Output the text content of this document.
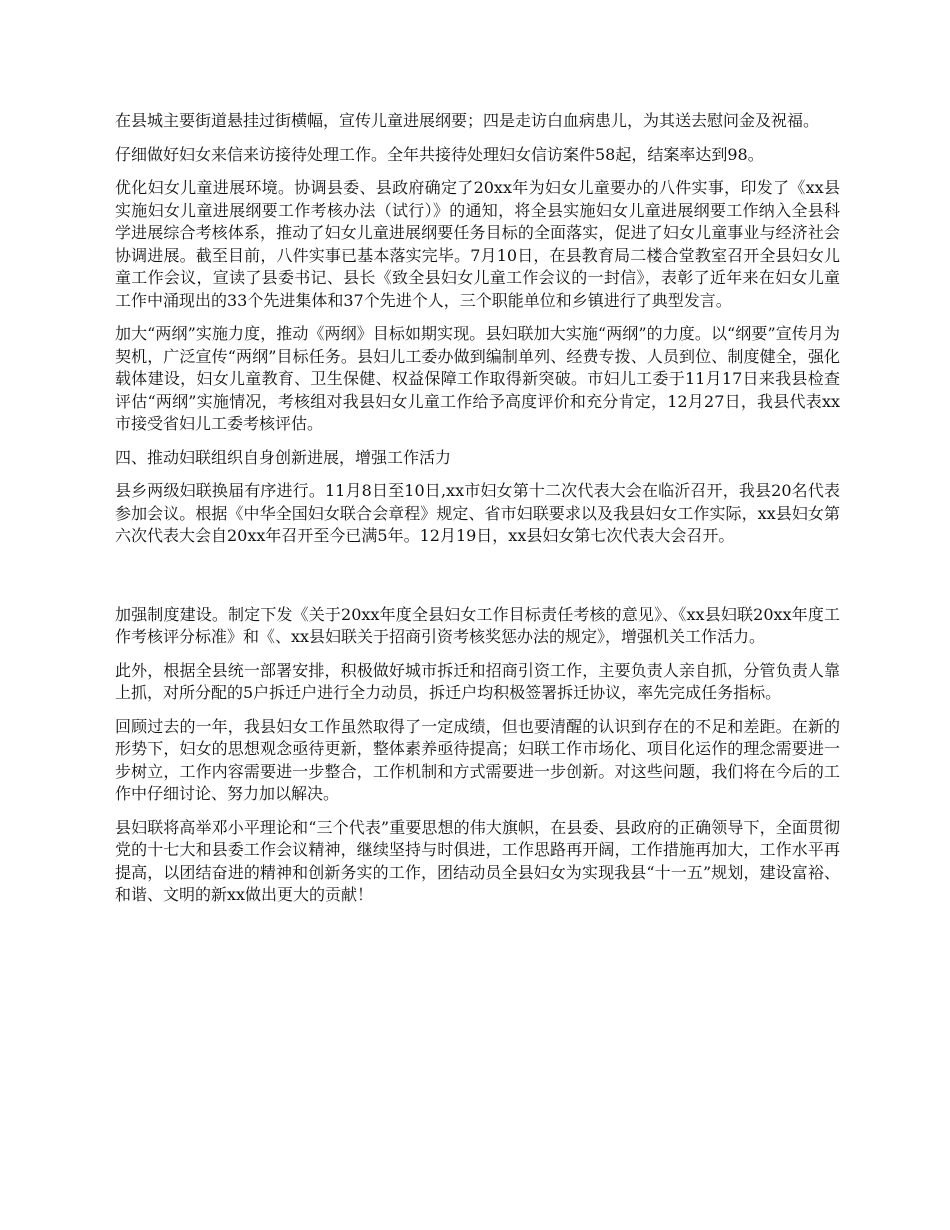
在县城主要街道悬挂过街横幅，宣传儿童进展纲要；四是走访白血病患儿，为其送去慰问金及祝福。

仔细做好妇女来信来访接待处理工作。全年共接待处理妇女信访案件58起，结案率达到98。

优化妇女儿童进展环境。协调县委、县政府确定了20xx年为妇女儿童要办的八件实事，印发了《xx县实施妇女儿童进展纲要工作考核办法（试行）》的通知，将全县实施妇女儿童进展纲要工作纳入全县科学进展综合考核体系，推动了妇女儿童进展纲要任务目标的全面落实，促进了妇女儿童事业与经济社会协调进展。截至目前，八件实事已基本落实完毕。7月10日，在县教育局二楼合堂教室召开全县妇女儿童工作会议，宣读了县委书记、县长《致全县妇女儿童工作会议的一封信》，表彰了近年来在妇女儿童工作中涌现出的33个先进集体和37个先进个人，三个职能单位和乡镇进行了典型发言。

加大“两纲”实施力度，推动《两纲》目标如期实现。县妇联加大实施“两纲”的力度。以“纲要”宣传月为契机，广泛宣传“两纲”目标任务。县妇儿工委办做到编制单列、经费专拨、人员到位、制度健全，强化载体建设，妇女儿童教育、卫生保健、权益保障工作取得新突破。市妇儿工委于11月17日来我县检查评估“两纲”实施情况，考核组对我县妇女儿童工作给予高度评价和充分肯定，12月27日，我县代表xx市接受省妇儿工委考核评估。

四、推动妇联组织自身创新进展，增强工作活力

县乡两级妇联换届有序进行。11月8日至10日,xx市妇女第十二次代表大会在临沂召开，我县20名代表参加会议。根据《中华全国妇女联合会章程》规定、省市妇联要求以及我县妇女工作实际，xx县妇女第六次代表大会自20xx年召开至今已满5年。12月19日，xx县妇女第七次代表大会召开。

加强制度建设。制定下发《关于20xx年度全县妇女工作目标责任考核的意见》、《xx县妇联20xx年度工作考核评分标准》和《、xx县妇联关于招商引资考核奖惩办法的规定》，增强机关工作活力。

此外，根据全县统一部署安排，积极做好城市拆迁和招商引资工作，主要负责人亲自抓，分管负责人靠上抓，对所分配的5户拆迁户进行全力动员，拆迁户均积极签署拆迁协议，率先完成任务指标。

回顾过去的一年，我县妇女工作虽然取得了一定成绩，但也要清醒的认识到存在的不足和差距。在新的形势下，妇女的思想观念亟待更新，整体素养亟待提高；妇联工作市场化、项目化运作的理念需要进一步树立，工作内容需要进一步整合，工作机制和方式需要进一步创新。对这些问题，我们将在今后的工作中仔细讨论、努力加以解决。

县妇联将高举邓小平理论和“三个代表”重要思想的伟大旗帜，在县委、县政府的正确领导下，全面贯彻党的十七大和县委工作会议精神，继续坚持与时俱进，工作思路再开阔，工作措施再加大，工作水平再提高，以团结奋进的精神和创新务实的工作，团结动员全县妇女为实现我县“十一五”规划，建设富裕、和谐、文明的新xx做出更大的贡献！
